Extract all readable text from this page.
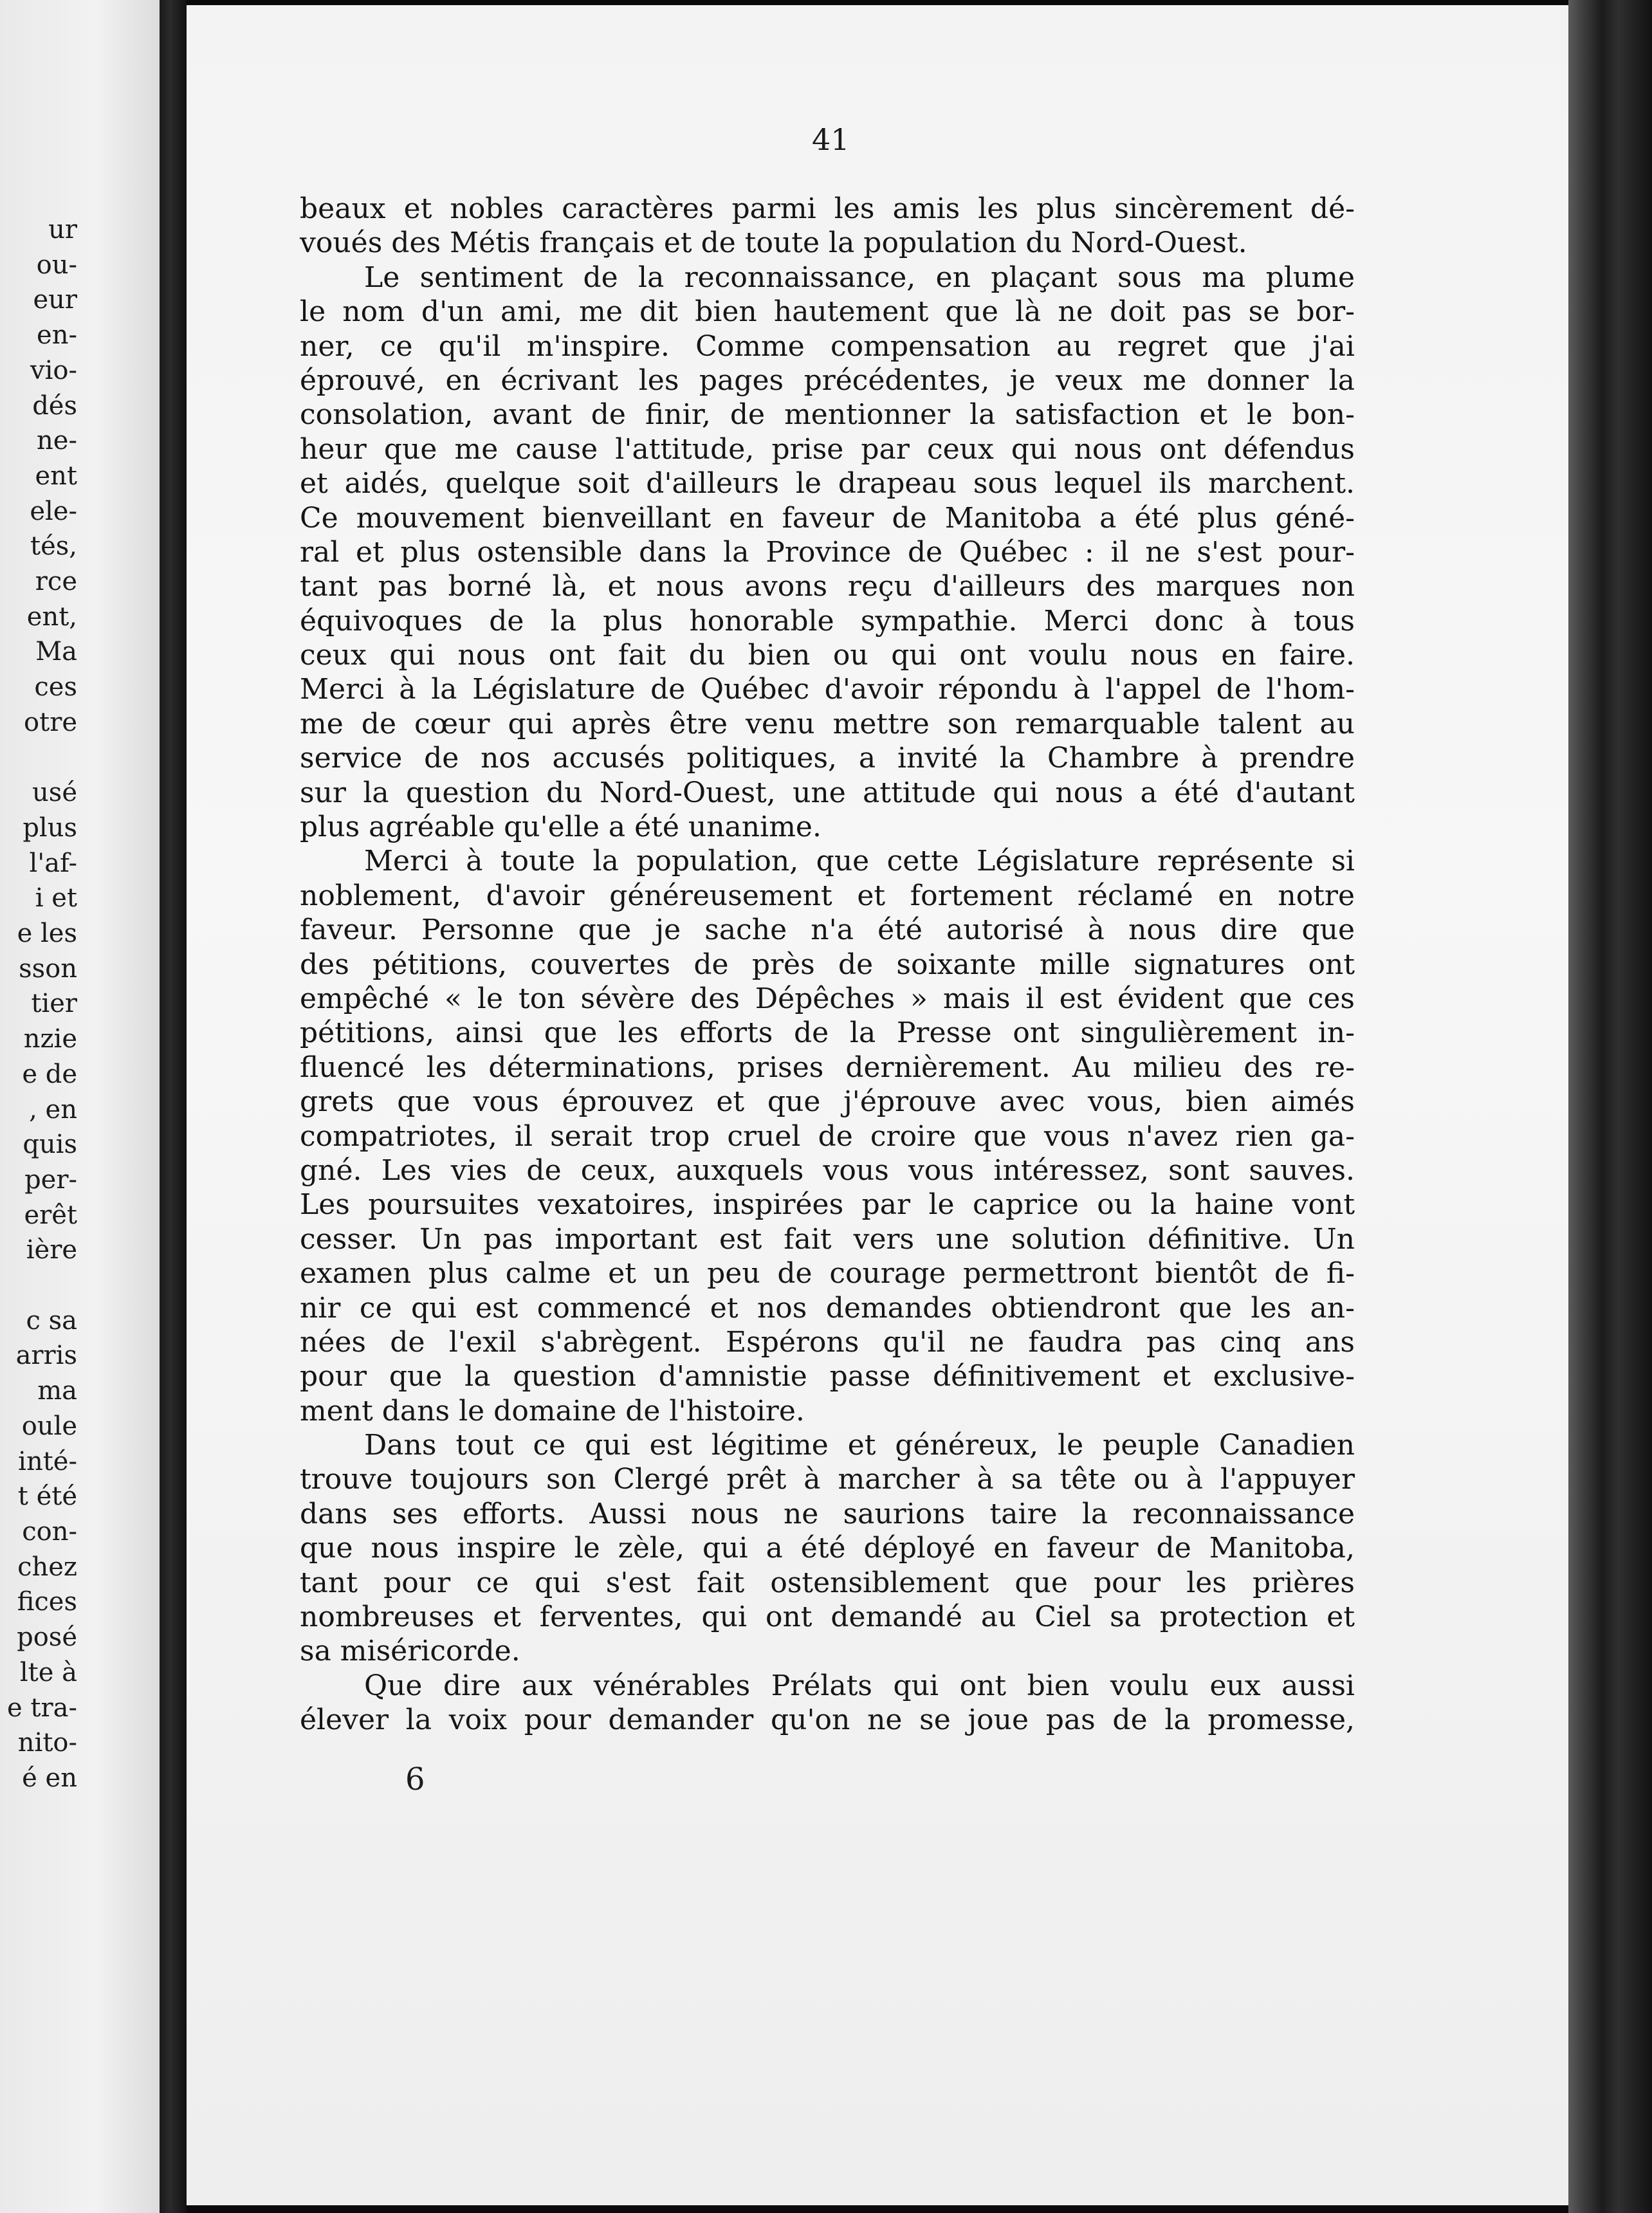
ur
ou-
eur
en-
vio-
dés
ne-
ent
ele-
tés,
rce
ent,
Ma
ces
otre
usé
plus
l'af-
i et
e les
sson
tier
nzie
e de
, en
quis
per-
erêt
ière
c sa
arris
ma
oule
inté-
t été
con-
chez
fices
posé
lte à
e tra-
nito-
é en
41
beaux et nobles caractères parmi les amis les plus sincèrement dé-
voués des Métis français et de toute la population du Nord-Ouest.
Le sentiment de la reconnaissance, en plaçant sous ma plume
le nom d'un ami, me dit bien hautement que là ne doit pas se bor-
ner, ce qu'il m'inspire. Comme compensation au regret que j'ai
éprouvé, en écrivant les pages précédentes, je veux me donner la
consolation, avant de finir, de mentionner la satisfaction et le bon-
heur que me cause l'attitude, prise par ceux qui nous ont défendus
et aidés, quelque soit d'ailleurs le drapeau sous lequel ils marchent.
Ce mouvement bienveillant en faveur de Manitoba a été plus géné-
ral et plus ostensible dans la Province de Québec : il ne s'est pour-
tant pas borné là, et nous avons reçu d'ailleurs des marques non
équivoques de la plus honorable sympathie. Merci donc à tous
ceux qui nous ont fait du bien ou qui ont voulu nous en faire.
Merci à la Législature de Québec d'avoir répondu à l'appel de l'hom-
me de cœur qui après être venu mettre son remarquable talent au
service de nos accusés politiques, a invité la Chambre à prendre
sur la question du Nord-Ouest, une attitude qui nous a été d'autant
plus agréable qu'elle a été unanime.
Merci à toute la population, que cette Législature représente si
noblement, d'avoir généreusement et fortement réclamé en notre
faveur. Personne que je sache n'a été autorisé à nous dire que
des pétitions, couvertes de près de soixante mille signatures ont
empêché « le ton sévère des Dépêches » mais il est évident que ces
pétitions, ainsi que les efforts de la Presse ont singulièrement in-
fluencé les déterminations, prises dernièrement. Au milieu des re-
grets que vous éprouvez et que j'éprouve avec vous, bien aimés
compatriotes, il serait trop cruel de croire que vous n'avez rien ga-
gné. Les vies de ceux, auxquels vous vous intéressez, sont sauves.
Les poursuites vexatoires, inspirées par le caprice ou la haine vont
cesser. Un pas important est fait vers une solution définitive. Un
examen plus calme et un peu de courage permettront bientôt de fi-
nir ce qui est commencé et nos demandes obtiendront que les an-
nées de l'exil s'abrègent. Espérons qu'il ne faudra pas cinq ans
pour que la question d'amnistie passe définitivement et exclusive-
ment dans le domaine de l'histoire.
Dans tout ce qui est légitime et généreux, le peuple Canadien
trouve toujours son Clergé prêt à marcher à sa tête ou à l'appuyer
dans ses efforts. Aussi nous ne saurions taire la reconnaissance
que nous inspire le zèle, qui a été déployé en faveur de Manitoba,
tant pour ce qui s'est fait ostensiblement que pour les prières
nombreuses et ferventes, qui ont demandé au Ciel sa protection et
sa miséricorde.
Que dire aux vénérables Prélats qui ont bien voulu eux aussi
élever la voix pour demander qu'on ne se joue pas de la promesse,
6
